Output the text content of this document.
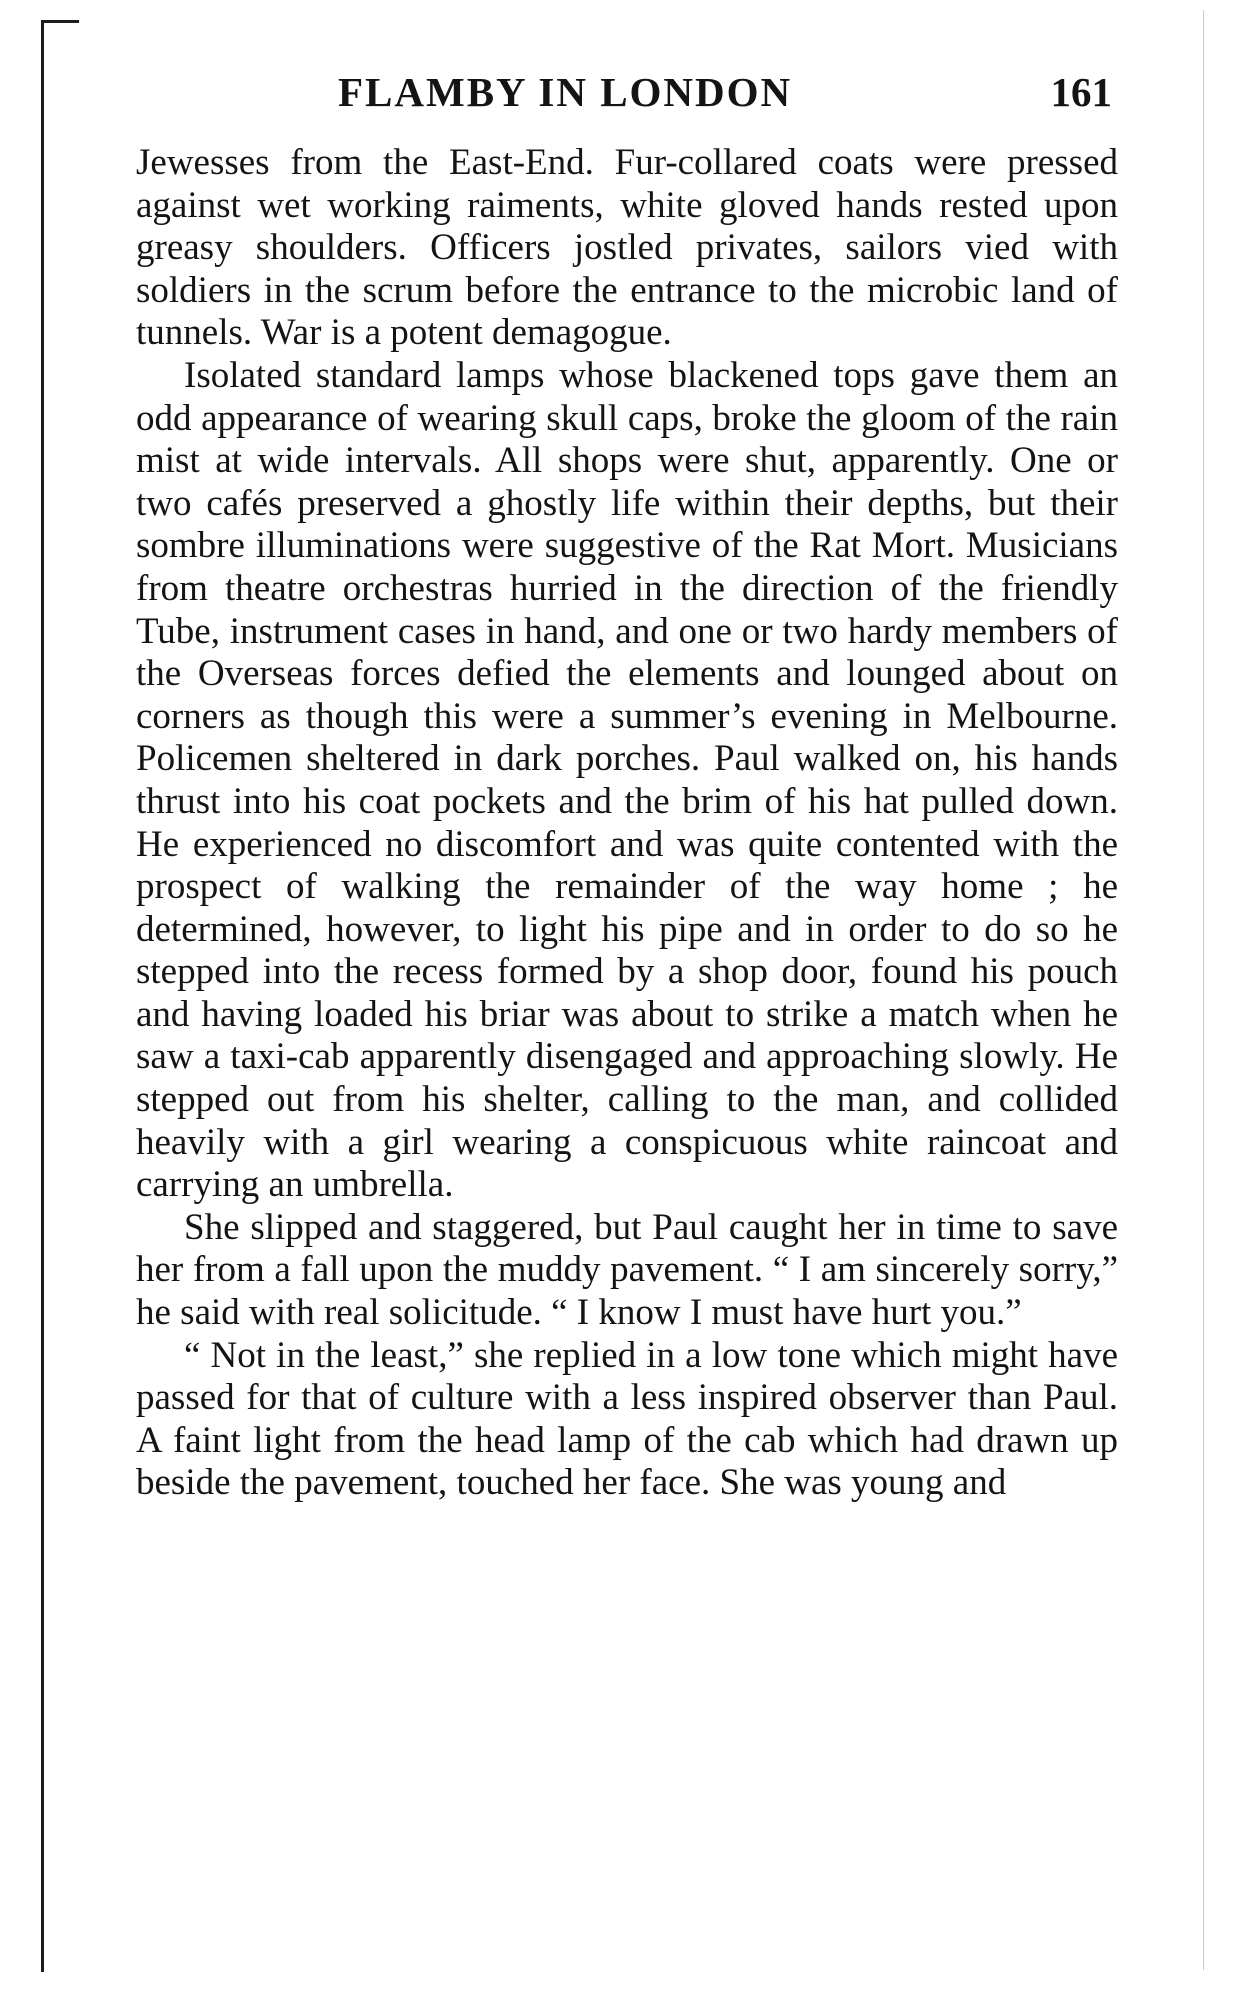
FLAMBY IN LONDON	161

Jewesses from the East-End. Fur-collared coats were pressed against wet working raiments, white gloved hands rested upon greasy shoulders. Officers jostled privates, sailors vied with soldiers in the scrum before the entrance to the microbic land of tunnels. War is a potent demagogue.

Isolated standard lamps whose blackened tops gave them an odd appearance of wearing skull caps, broke the gloom of the rain mist at wide intervals. All shops were shut, apparently. One or two cafés preserved a ghostly life within their depths, but their sombre illuminations were suggestive of the Rat Mort. Musicians from theatre orchestras hurried in the direction of the friendly Tube, instrument cases in hand, and one or two hardy members of the Overseas forces defied the elements and lounged about on corners as though this were a summer’s evening in Melbourne. Policemen sheltered in dark porches. Paul walked on, his hands thrust into his coat pockets and the brim of his hat pulled down. He experienced no discomfort and was quite contented with the prospect of walking the remainder of the way home ; he determined, however, to light his pipe and in order to do so he stepped into the recess formed by a shop door, found his pouch and having loaded his briar was about to strike a match when he saw a taxi-cab apparently disengaged and approaching slowly. He stepped out from his shelter, calling to the man, and collided heavily with a girl wearing a conspicuous white raincoat and carrying an umbrella.

She slipped and staggered, but Paul caught her in time to save her from a fall upon the muddy pavement. “ I am sincerely sorry,” he said with real solicitude. “ I know I must have hurt you.”

“ Not in the least,” she replied in a low tone which might have passed for that of culture with a less inspired observer than Paul. A faint light from the head lamp of the cab which had drawn up beside the pavement, touched her face. She was young and
